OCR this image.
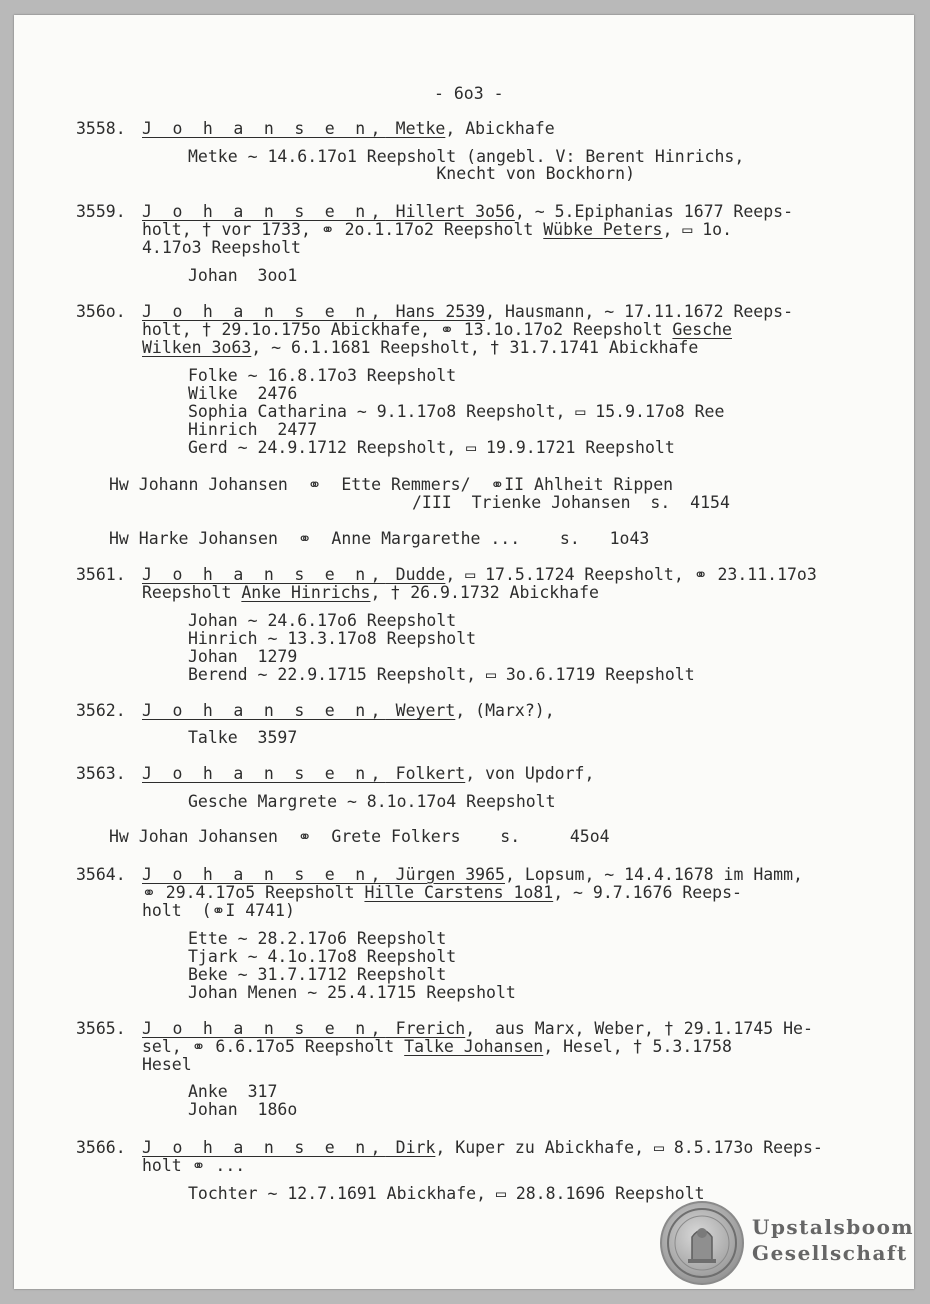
- 6o3 -
3558. J o h a n s e n, Metke, Abickhafe
Metke ~ 14.6.17o1 Reepsholt (angebl. V: Berent Hinrichs,
Knecht von Bockhorn)
3559. J o h a n s e n, Hillert 3o56, ~ 5.Epiphanias 1677 Reeps-
holt, † vor 1733, ⚭ 2o.1.17o2 Reepsholt Wübke Peters, ▭ 1o.
4.17o3 Reepsholt
Johan  3oo1
356o. J o h a n s e n, Hans 2539, Hausmann, ~ 17.11.1672 Reeps-
holt, † 29.1o.175o Abickhafe, ⚭ 13.1o.17o2 Reepsholt Gesche
Wilken 3o63, ~ 6.1.1681 Reepsholt, † 31.7.1741 Abickhafe
Folke ~ 16.8.17o3 Reepsholt
Wilke  2476
Sophia Catharina ~ 9.1.17o8 Reepsholt, ▭ 15.9.17o8 Ree
Hinrich  2477
Gerd ~ 24.9.1712 Reepsholt, ▭ 19.9.1721 Reepsholt
Hw Johann Johansen  ⚭  Ette Remmers/  ⚭II Ahlheit Rippen
/III  Trienke Johansen  s.  4154
Hw Harke Johansen  ⚭  Anne Margarethe ...    s.   1o43
3561. J o h a n s e n, Dudde, ▭ 17.5.1724 Reepsholt, ⚭ 23.11.17o3
Reepsholt Anke Hinrichs, † 26.9.1732 Abickhafe
Johan ~ 24.6.17o6 Reepsholt
Hinrich ~ 13.3.17o8 Reepsholt
Johan  1279
Berend ~ 22.9.1715 Reepsholt, ▭ 3o.6.1719 Reepsholt
3562. J o h a n s e n, Weyert, (Marx?),
Talke  3597
3563. J o h a n s e n, Folkert, von Updorf,
Gesche Margrete ~ 8.1o.17o4 Reepsholt
Hw Johan Johansen  ⚭  Grete Folkers    s.     45o4
3564. J o h a n s e n, Jürgen 3965, Lopsum, ~ 14.4.1678 im Hamm,
⚭ 29.4.17o5 Reepsholt Hille Carstens 1o81, ~ 9.7.1676 Reeps-
holt  (⚭I 4741)
Ette ~ 28.2.17o6 Reepsholt
Tjark ~ 4.1o.17o8 Reepsholt
Beke ~ 31.7.1712 Reepsholt
Johan Menen ~ 25.4.1715 Reepsholt
3565. J o h a n s e n, Frerich,  aus Marx, Weber, † 29.1.1745 He-
sel, ⚭ 6.6.17o5 Reepsholt Talke Johansen, Hesel, † 5.3.1758
Hesel
Anke  317
Johan  186o
3566. J o h a n s e n, Dirk, Kuper zu Abickhafe, ▭ 8.5.173o Reeps-
holt ⚭ ...
Tochter ~ 12.7.1691 Abickhafe, ▭ 28.8.1696 Reepsholt
Upstalsboom
Gesellschaft
